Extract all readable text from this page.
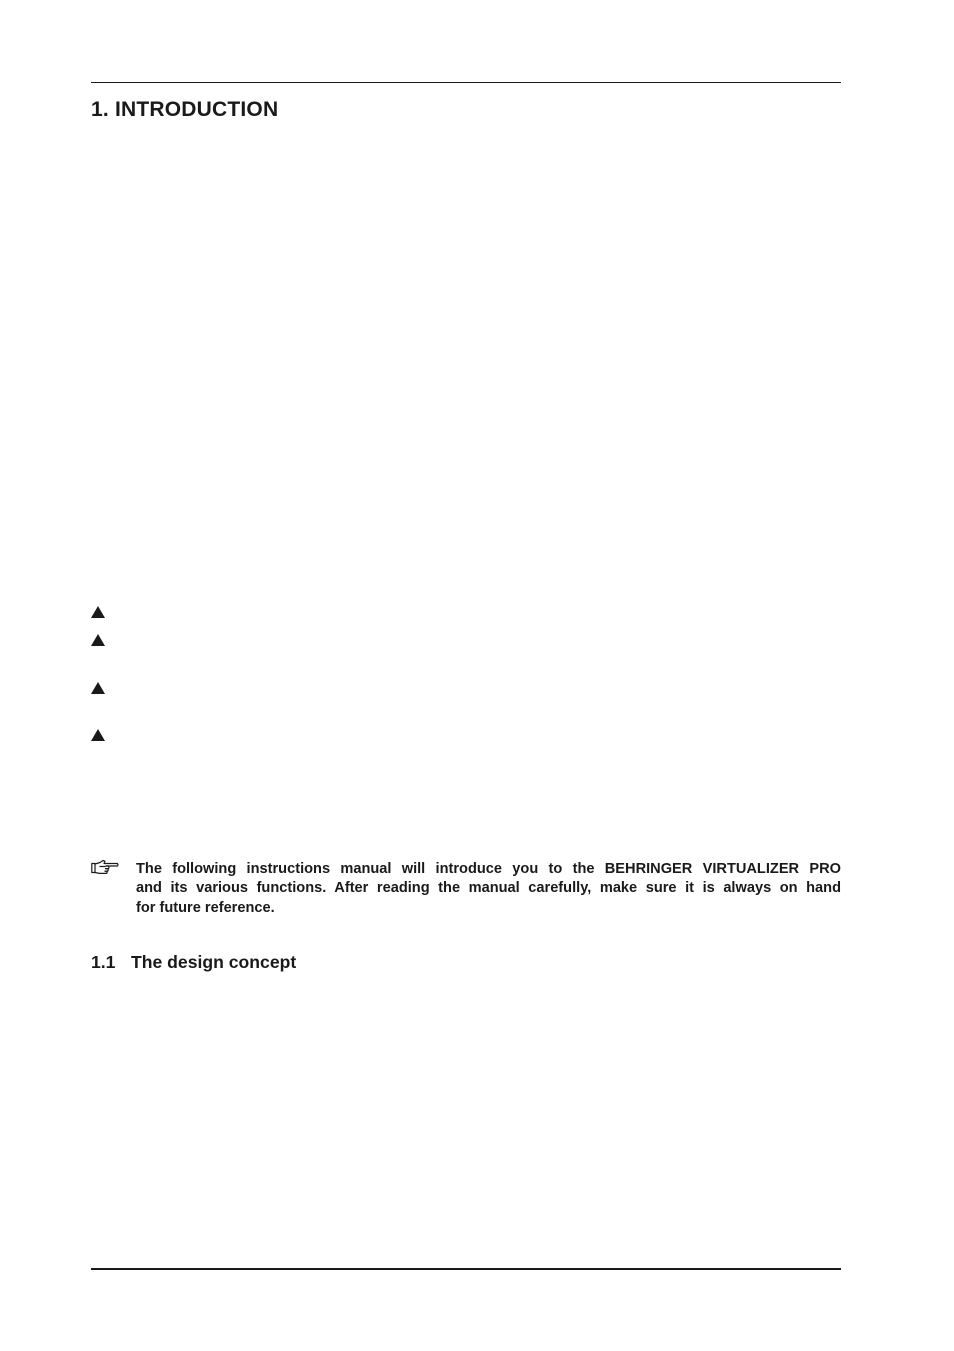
1. INTRODUCTION

The following instructions manual will introduce you to the BEHRINGER VIRTUALIZER PRO
and its various functions. After reading the manual carefully, make sure it is always on hand
for future reference.

1.1 The design concept
